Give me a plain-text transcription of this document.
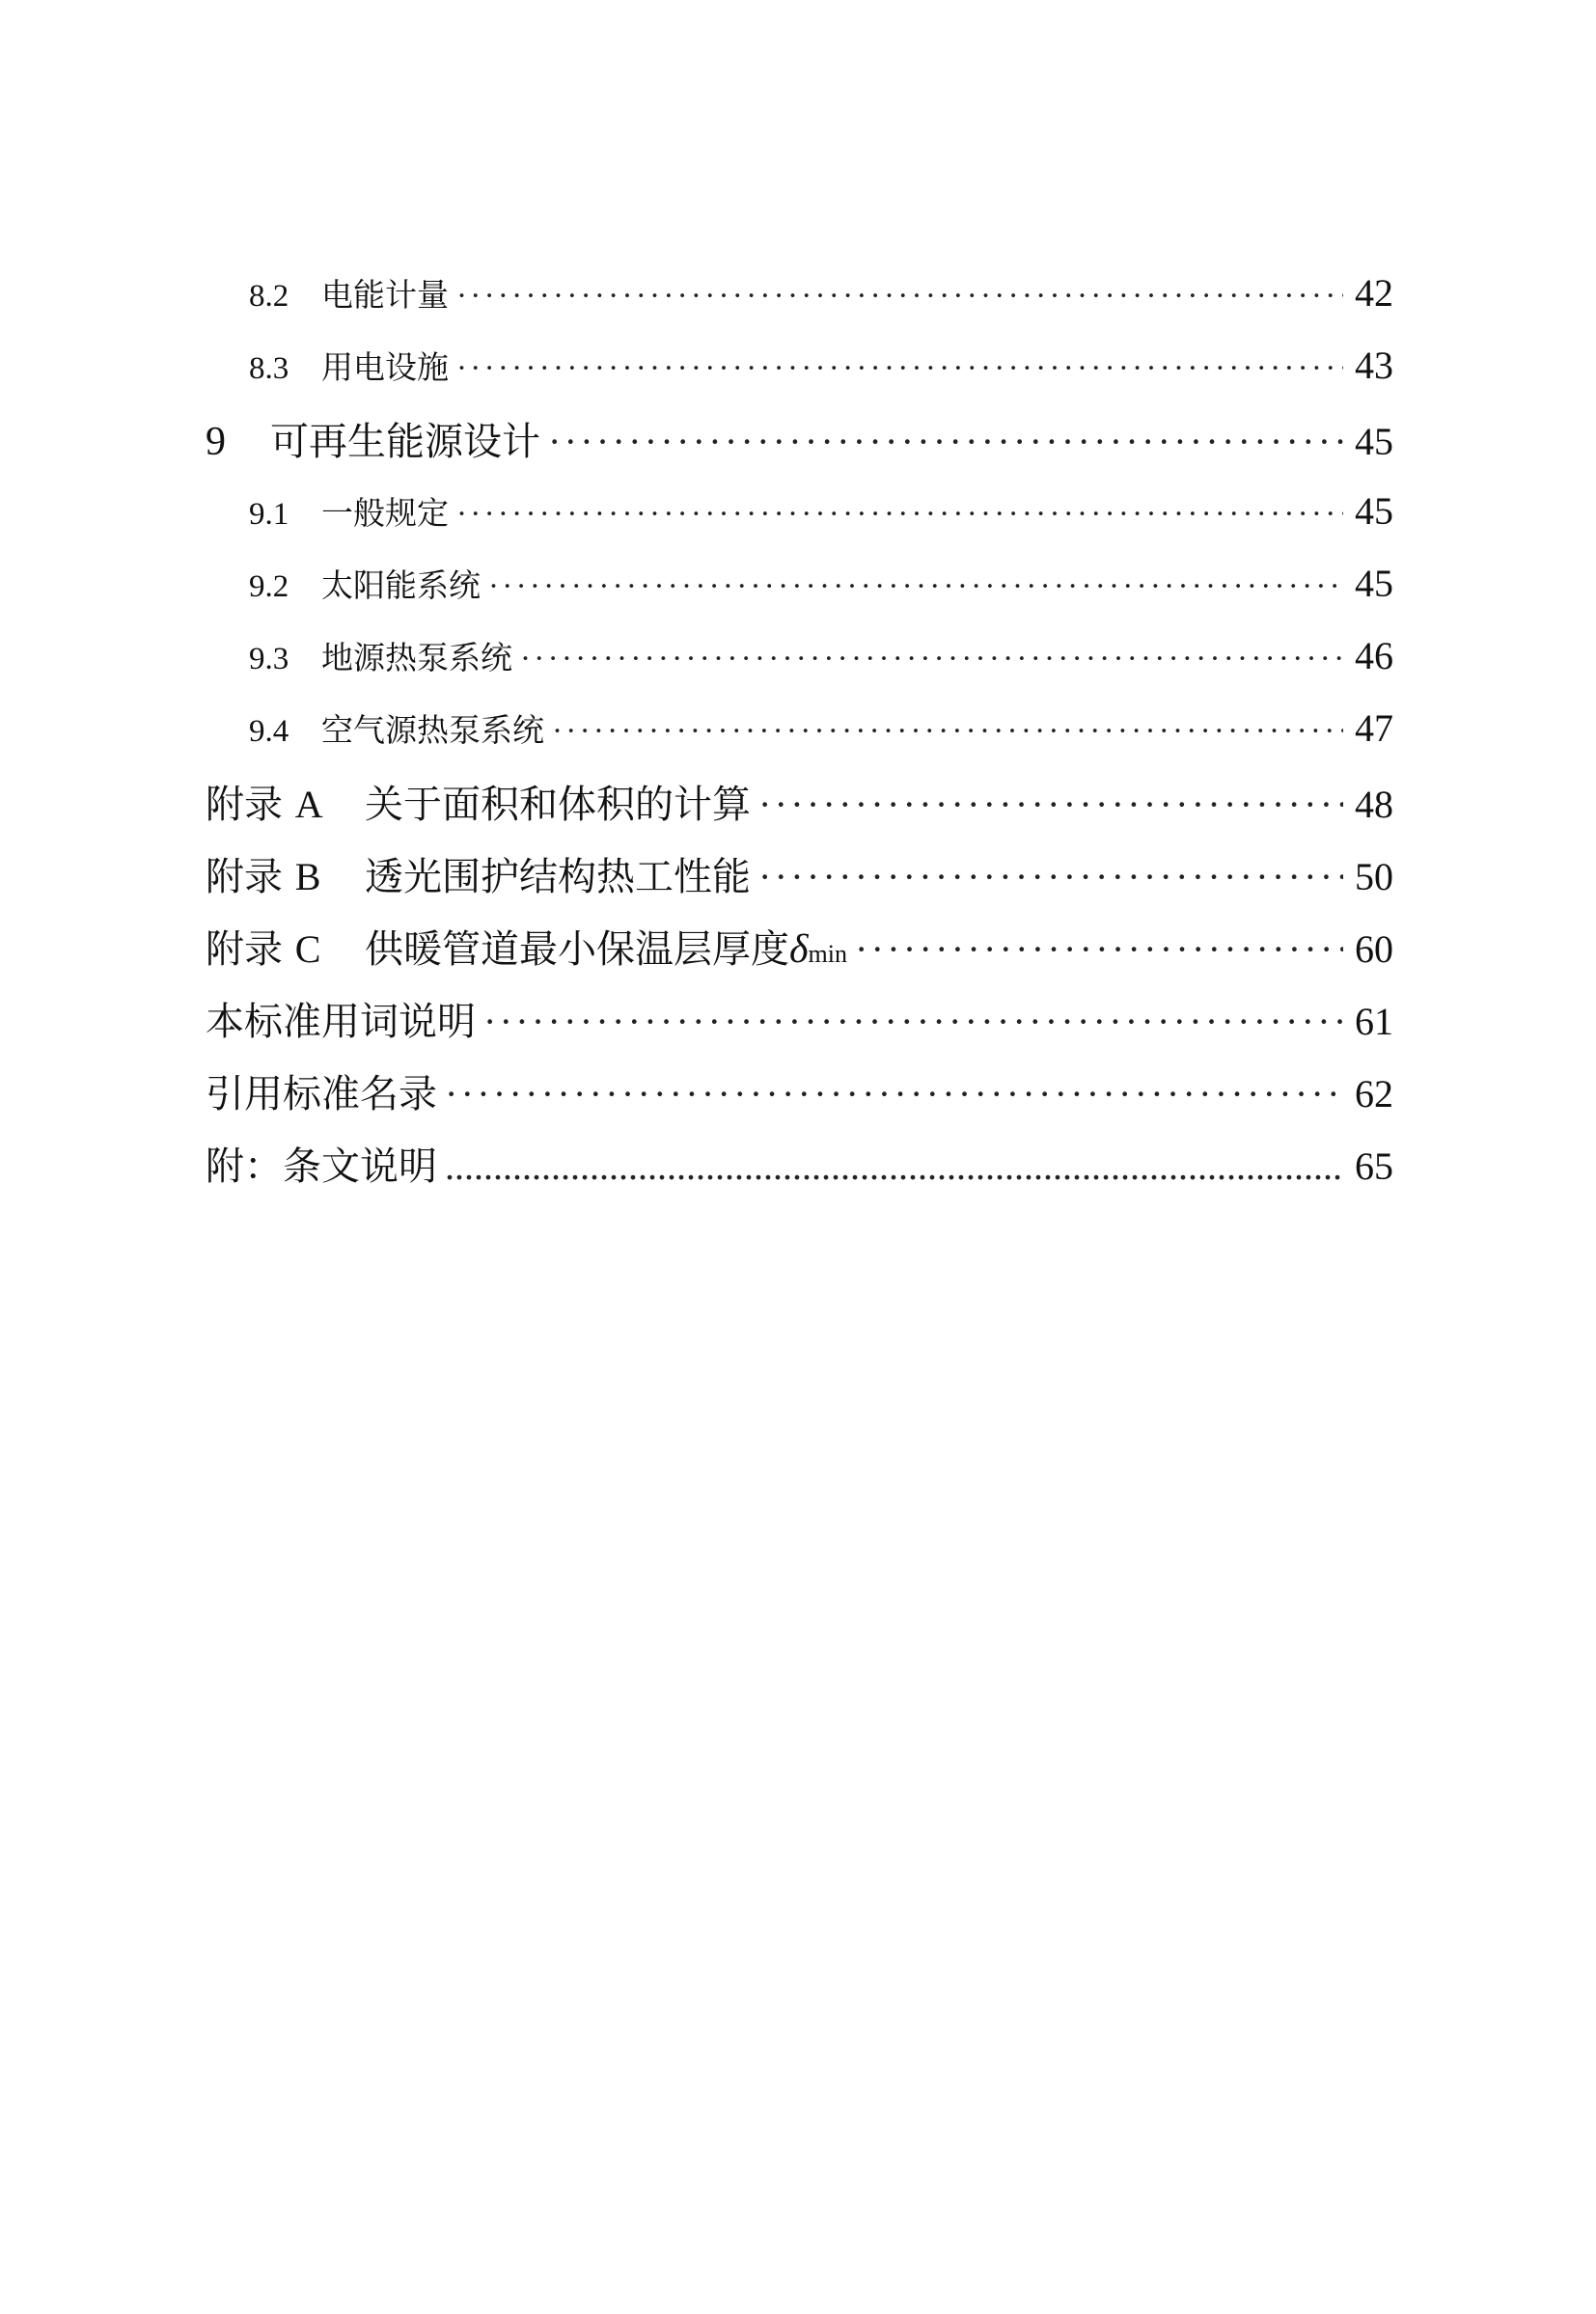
8.2	电能计量 ·····	42
8.3	用电设施 ·····	43
9	可再生能源设计 ·····	45
9.1	一般规定 ·····	45
9.2	太阳能系统 ·····	45
9.3	地源热泵系统 ·····	46
9.4	空气源热泵系统 ·····	47
附录 A	关于面积和体积的计算 ·····	48
附录 B	透光围护结构热工性能 ·····	50
附录 C	供暖管道最小保温层厚度 δ min ·····	60
本标准用词说明 ·····	61
引用标准名录 ·····	62
附：条文说明 .....	65
